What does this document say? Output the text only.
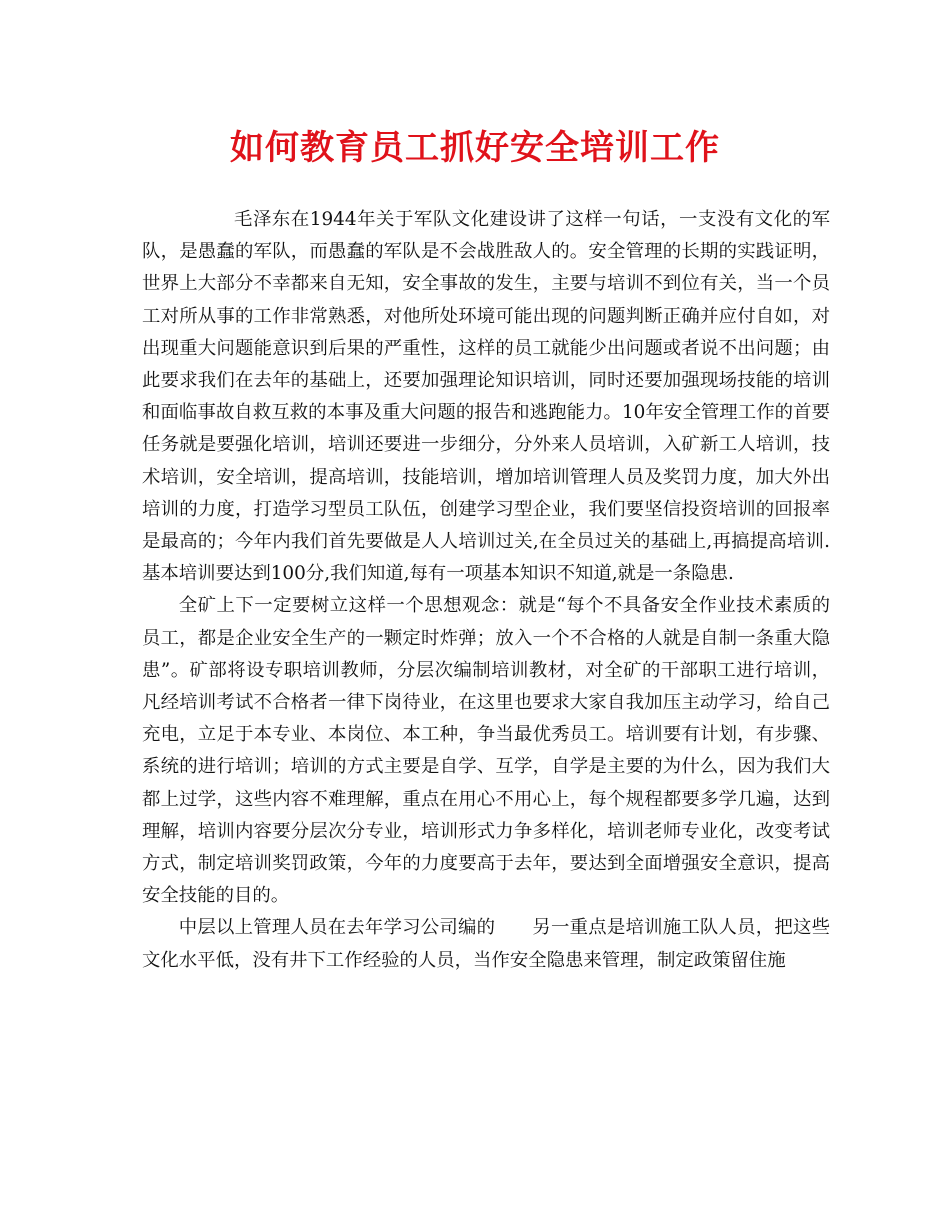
如何教育员工抓好安全培训工作

毛泽东在1944年关于军队文化建设讲了这样一句话，一支没有文化的军队，是愚蠢的军队，而愚蠢的军队是不会战胜敌人的。安全管理的长期的实践证明，世界上大部分不幸都来自无知，安全事故的发生，主要与培训不到位有关，当一个员工对所从事的工作非常熟悉，对他所处环境可能出现的问题判断正确并应付自如，对出现重大问题能意识到后果的严重性，这样的员工就能少出问题或者说不出问题；由此要求我们在去年的基础上，还要加强理论知识培训，同时还要加强现场技能的培训和面临事故自救互救的本事及重大问题的报告和逃跑能力。10年安全管理工作的首要任务就是要强化培训，培训还要进一步细分，分外来人员培训，入矿新工人培训，技术培训，安全培训，提高培训，技能培训，增加培训管理人员及奖罚力度，加大外出培训的力度，打造学习型员工队伍，创建学习型企业，我们要坚信投资培训的回报率是最高的；今年内我们首先要做是人人培训过关,在全员过关的基础上,再搞提高培训.基本培训要达到100分,我们知道,每有一项基本知识不知道,就是一条隐患.

全矿上下一定要树立这样一个思想观念：就是“每个不具备安全作业技术素质的员工，都是企业安全生产的一颗定时炸弹；放入一个不合格的人就是自制一条重大隐患”。矿部将设专职培训教师，分层次编制培训教材，对全矿的干部职工进行培训，凡经培训考试不合格者一律下岗待业，在这里也要求大家自我加压主动学习，给自己充电，立足于本专业、本岗位、本工种，争当最优秀员工。培训要有计划，有步骤、系统的进行培训；培训的方式主要是自学、互学，自学是主要的为什么，因为我们大都上过学，这些内容不难理解，重点在用心不用心上，每个规程都要多学几遍，达到理解，培训内容要分层次分专业，培训形式力争多样化，培训老师专业化，改变考试方式，制定培训奖罚政策，今年的力度要高于去年，要达到全面增强安全意识，提高安全技能的目的。

中层以上管理人员在去年学习公司编的　　另一重点是培训施工队人员，把这些文化水平低，没有井下工作经验的人员，当作安全隐患来管理，制定政策留住施
